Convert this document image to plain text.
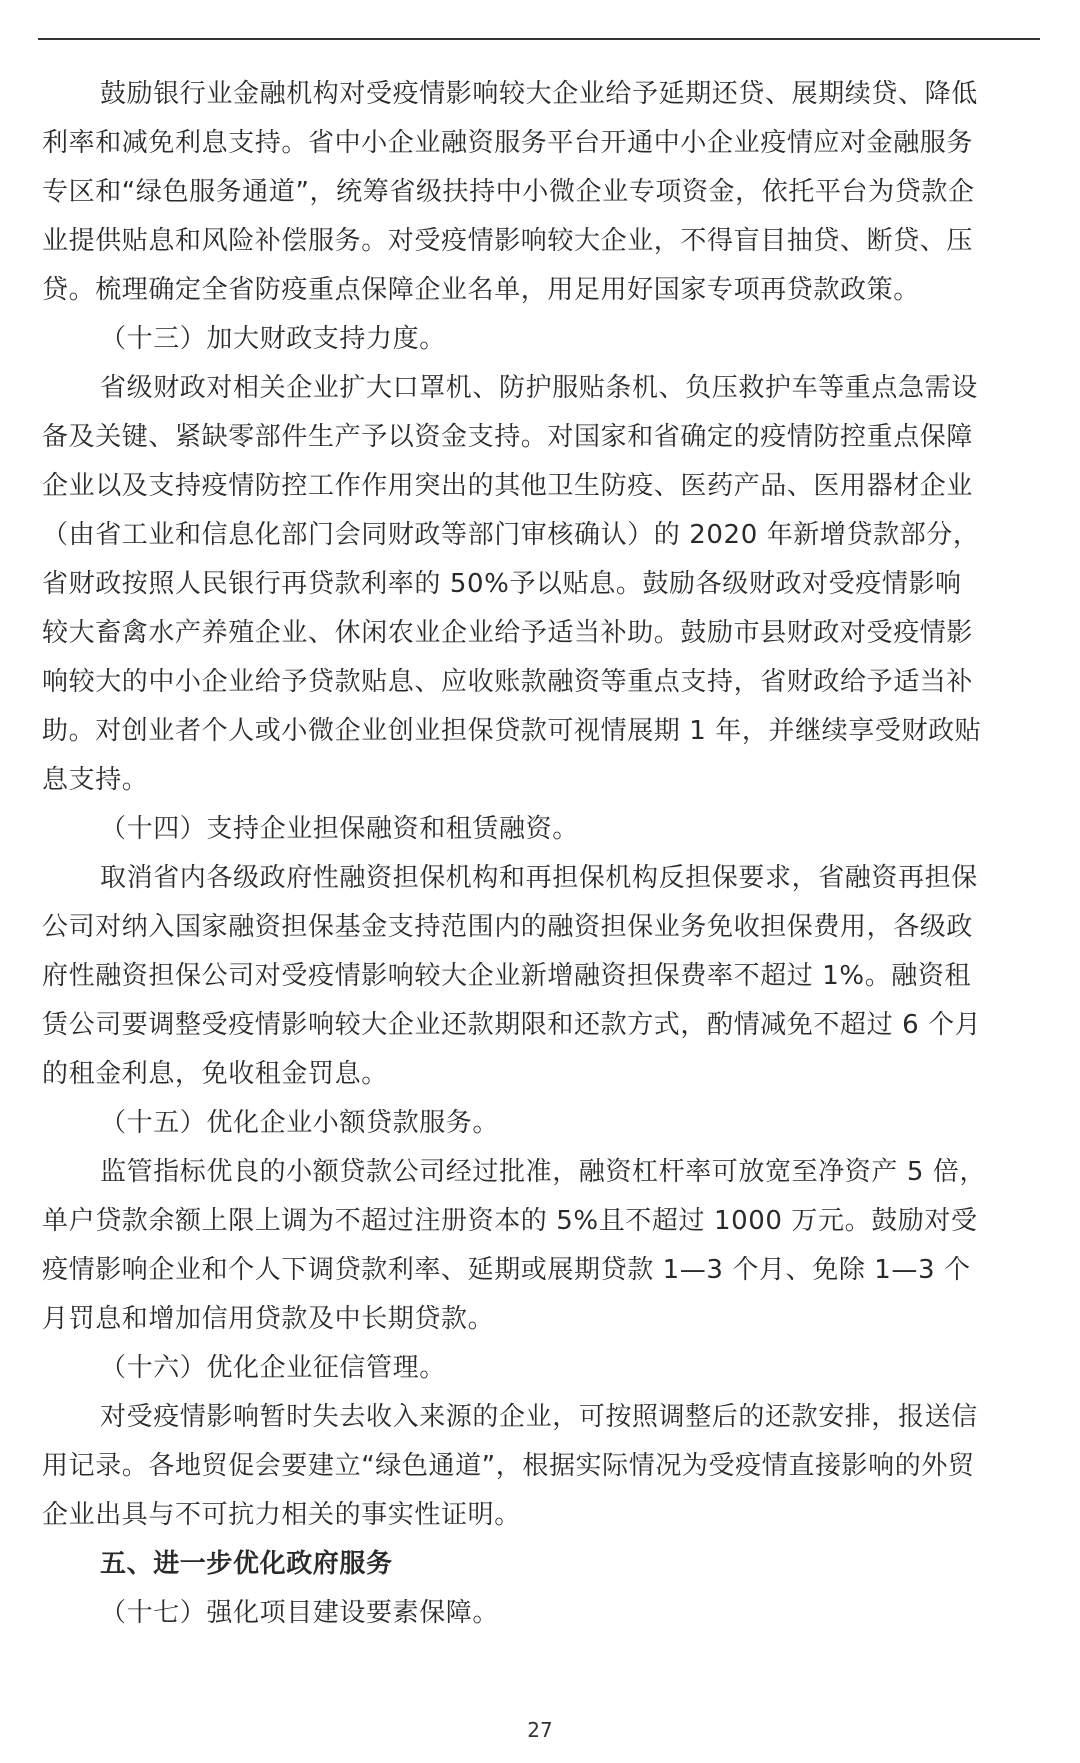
鼓励银行业金融机构对受疫情影响较大企业给予延期还贷、展期续贷、降低
利率和减免利息支持。省中小企业融资服务平台开通中小企业疫情应对金融服务
专区和“绿色服务通道”，统筹省级扶持中小微企业专项资金，依托平台为贷款企
业提供贴息和风险补偿服务。对受疫情影响较大企业，不得盲目抽贷、断贷、压
贷。梳理确定全省防疫重点保障企业名单，用足用好国家专项再贷款政策。
（十三）加大财政支持力度。
省级财政对相关企业扩大口罩机、防护服贴条机、负压救护车等重点急需设
备及关键、紧缺零部件生产予以资金支持。对国家和省确定的疫情防控重点保障
企业以及支持疫情防控工作作用突出的其他卫生防疫、医药产品、医用器材企业
（由省工业和信息化部门会同财政等部门审核确认）的 2020 年新增贷款部分，
省财政按照人民银行再贷款利率的 50%予以贴息。鼓励各级财政对受疫情影响
较大畜禽水产养殖企业、休闲农业企业给予适当补助。鼓励市县财政对受疫情影
响较大的中小企业给予贷款贴息、应收账款融资等重点支持，省财政给予适当补
助。对创业者个人或小微企业创业担保贷款可视情展期 1 年，并继续享受财政贴
息支持。
（十四）支持企业担保融资和租赁融资。
取消省内各级政府性融资担保机构和再担保机构反担保要求，省融资再担保
公司对纳入国家融资担保基金支持范围内的融资担保业务免收担保费用，各级政
府性融资担保公司对受疫情影响较大企业新增融资担保费率不超过 1%。融资租
赁公司要调整受疫情影响较大企业还款期限和还款方式，酌情减免不超过 6 个月
的租金利息，免收租金罚息。
（十五）优化企业小额贷款服务。
监管指标优良的小额贷款公司经过批准，融资杠杆率可放宽至净资产 5 倍，
单户贷款余额上限上调为不超过注册资本的 5%且不超过 1000 万元。鼓励对受
疫情影响企业和个人下调贷款利率、延期或展期贷款 1—3 个月、免除 1—3 个
月罚息和增加信用贷款及中长期贷款。
（十六）优化企业征信管理。
对受疫情影响暂时失去收入来源的企业，可按照调整后的还款安排，报送信
用记录。各地贸促会要建立“绿色通道”，根据实际情况为受疫情直接影响的外贸
企业出具与不可抗力相关的事实性证明。
五、进一步优化政府服务
（十七）强化项目建设要素保障。
27
